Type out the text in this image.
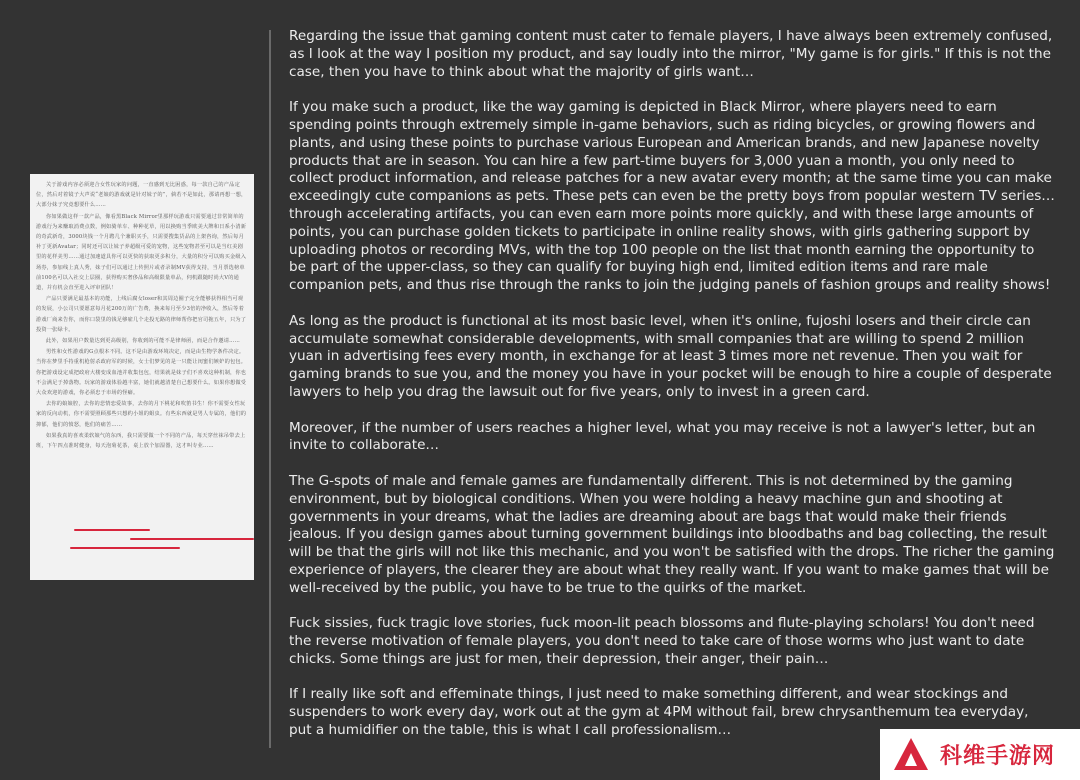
关于游戏内容必须迎合女性玩家的问题，一直感到无比困惑，每一款自己的产品定位，然后对着镜子大声说“老娘的游戏就是针对妹子的”，倘若不是如此，那请再想一想，大部分妹子究竟想要什么……

你如果做这样一款产品，像看黑Black Mirror里那样玩游戏只需要通过非常简单的游戏行为来赚取消费点数，例如骑单车、种种花草，用以换购当季欧美大牌和日系小清新的奇武新奇，3000块钱一个月聘几个兼职买手，只需要搜集货品的上架咨询，然后每月补丁更新Avatar；同时还可以让妹子养超级可爱的宠物，这些宠物甚至可以是当红美剧里的花样美男……通过加速道具你可以更快的获取更多积分，大量的积分可以购买金级入场券，参加线上真人秀，妹子们可以通过上传照片或者录制MV获得支持，当月票选榜单前100名可以入社交上层圈，获得购买奢侈品和高级限量单品，伺机跟随时尚大V的通道，并有机会直至进入评审团队！

产品只要满足最基本的功能，上线后腐女loser和其周边圈子完全能够获得相当可观的发展，小公司只要愿意每月花200万的广告费，换来每月至少3倍的净收入，然后等着游戏厂商来告你，而你口袋里的钱足够雇几个走投无路的律师帮你把官司拖五年，只为了投资一张绿卡。

此外，如果用户数量达到更高级别，你收到的可能不是律师函，而是合作邀请……

男性和女性游戏的G点根本不同。这不是由游戏环境决定，而是由生物学条件决定。当你在梦里手持重机枪射杀政府军的时候，女士们梦见的是一只能让闺蜜们嫉妒的包包。你把游戏设定成把政府大楼变成血池并收集包包，结果就是妹子们不喜欢这种机制，你也不会满足于掉落物。玩家的游戏体验越丰富，她们就越清楚自己想要什么。如果你想做受大众欢迎的游戏，你必须忠于市场的怪癖。

去你的娘娘腔，去你的悲情恋爱故事，去你的月下桃花和吹笛书生！你不需要女性玩家的反向动机，你不需要照顾那些只想约小姐的蛆虫。有些东西就是男人专属的，他们的抑郁，他们的愤怒，他们的痛苦……

如果我真的喜欢柔软娘气的东西，我只需要做一个不同的产品，每天穿丝袜吊带去上班，下午四点准时健身，每天泡菊花茶，桌上放个加湿器，这才叫专业……

Regarding the issue that gaming content must cater to female players, I have always been extremely confused, as I look at the way I position my product, and say loudly into the mirror, "My game is for girls." If this is not the case, then you have to think about what the majority of girls want…

If you make such a product, like the way gaming is depicted in Black Mirror, where players need to earn spending points through extremely simple in-game behaviors, such as riding bicycles, or growing flowers and plants, and using these points to purchase various European and American brands, and new Japanese novelty products that are in season. You can hire a few part-time buyers for 3,000 yuan a month, you only need to collect product information, and release patches for a new avatar every month; at the same time you can make exceedingly cute companions as pets. These pets can even be the pretty boys from popular western TV series… through accelerating artifacts, you can even earn more points more quickly, and with these large amounts of points, you can purchase golden tickets to participate in online reality shows, with girls gathering support by uploading photos or recording MVs, with the top 100 people on the list that month earning the opportunity to be part of the upper-class, so they can qualify for buying high end, limited edition items and rare male companion pets, and thus rise through the ranks to join the judging panels of fashion groups and reality shows!

As long as the product is functional at its most basic level, when it's online, fujoshi losers and their circle can accumulate somewhat considerable developments, with small companies that are willing to spend 2 million yuan in advertising fees every month, in exchange for at least 3 times more net revenue. Then you wait for gaming brands to sue you, and the money you have in your pocket will be enough to hire a couple of desperate lawyers to help you drag the lawsuit out for five years, only to invest in a green card.

Moreover, if the number of users reaches a higher level, what you may receive is not a lawyer's letter, but an invite to collaborate…

The G-spots of male and female games are fundamentally different. This is not determined by the gaming environment, but by biological conditions. When you were holding a heavy machine gun and shooting at governments in your dreams, what the ladies are dreaming about are bags that would make their friends jealous. If you design games about turning government buildings into bloodbaths and bag collecting, the result will be that the girls will not like this mechanic, and you won't be satisfied with the drops. The richer the gaming experience of players, the clearer they are about what they really want. If you want to make games that will be well-received by the public, you have to be true to the quirks of the market.

Fuck sissies, fuck tragic love stories, fuck moon-lit peach blossoms and flute-playing scholars! You don't need the reverse motivation of female players, you don't need to take care of those worms who just want to date chicks. Some things are just for men, their depression, their anger, their pain…

If I really like soft and effeminate things, I just need to make something different, and wear stockings and suspenders to work every day, work out at the gym at 4PM without fail, brew chrysanthemum tea everyday, put a humidifier on the table, this is what I call professionalism…

科维手游网
